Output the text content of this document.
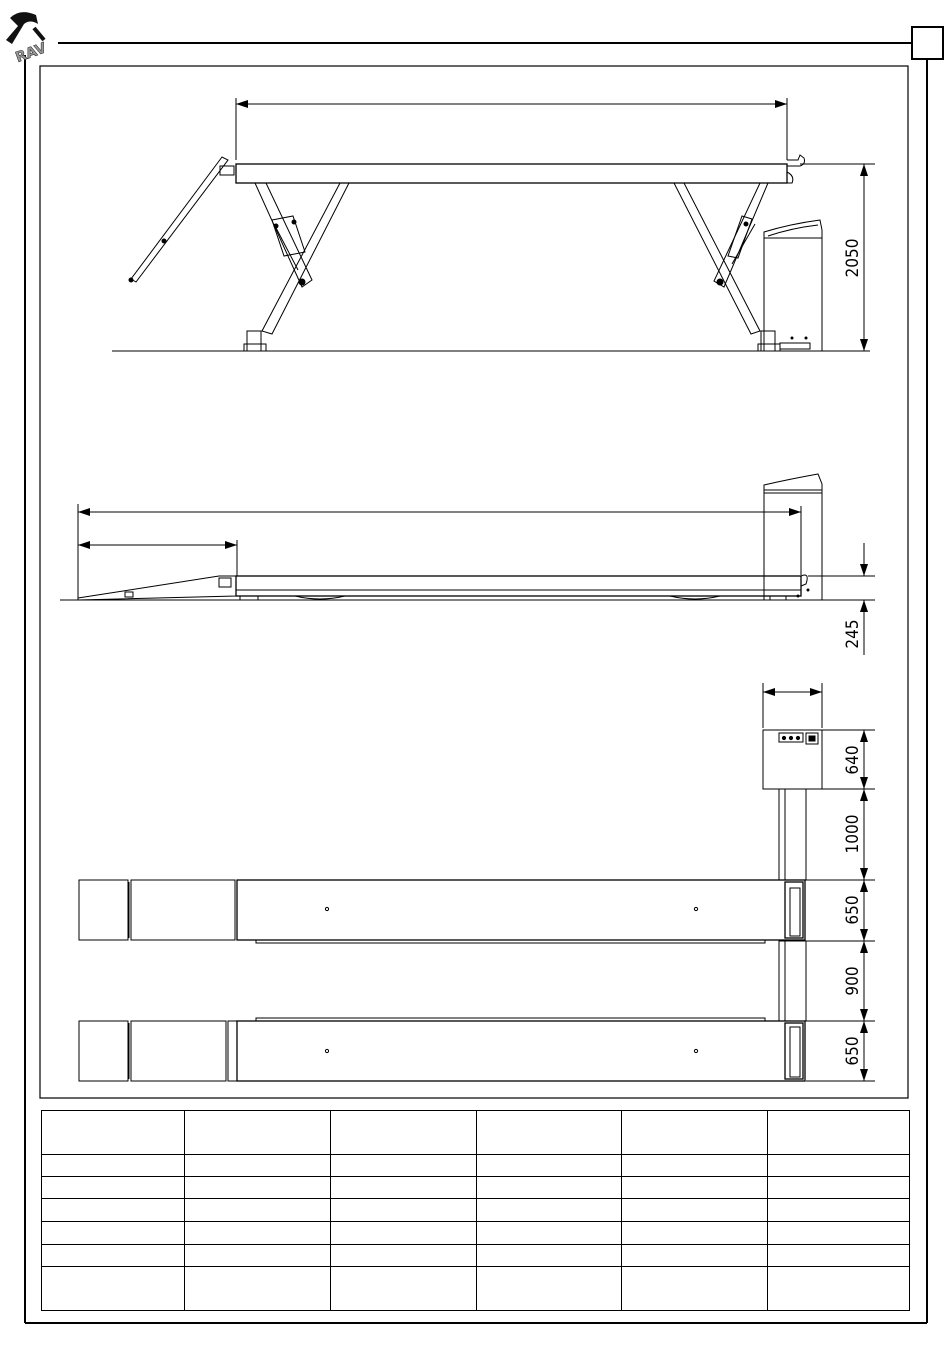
RAV
2050
245
640
1000
650
900
650
